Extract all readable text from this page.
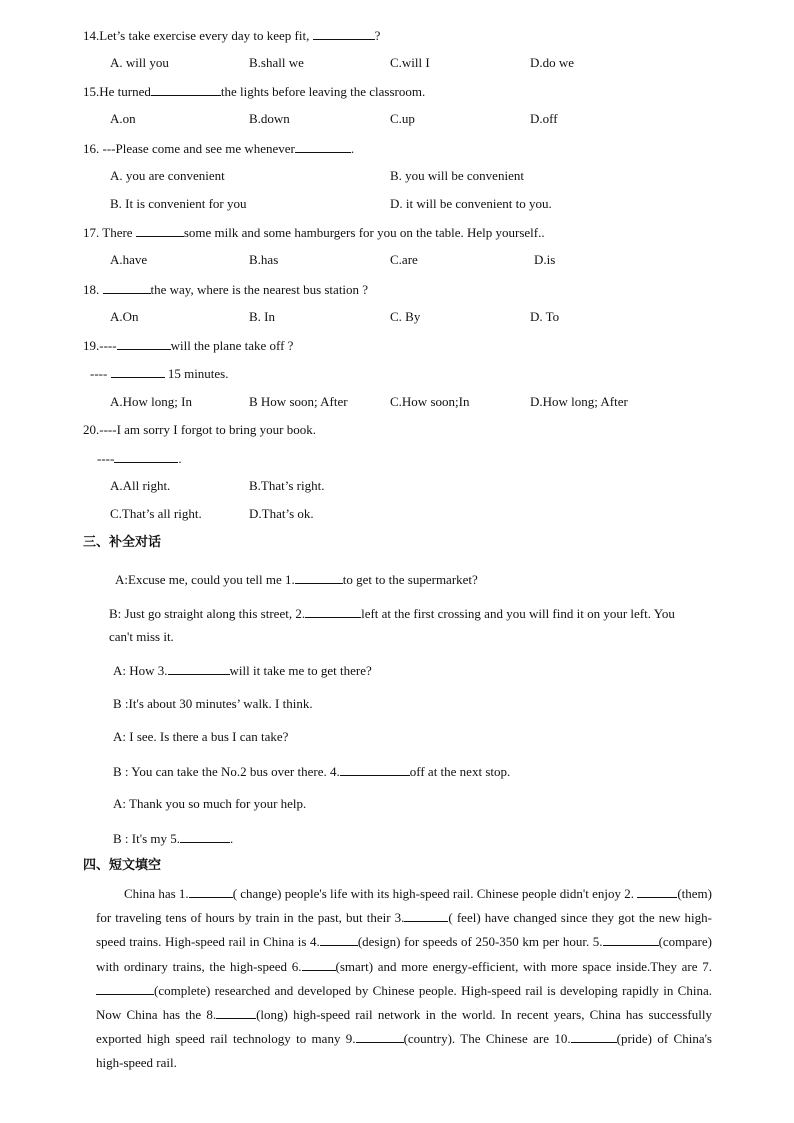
14.Let’s take exercise every day to keep fit,	?
A. will you	B.shall we	C.will I	D.do we
15.He turned	the lights before leaving the classroom.
A.on	B.down	C.up	D.off
16. ---Please come and see me whenever	.
A. you are convenient	B. you will be convenient
B. It is convenient for you	D. it will be convenient to you.
17. There	some milk and some hamburgers for you on the table. Help yourself..
A.have	B.has	C.are	D.is
18.	the way, where is the nearest bus station ?
A.On	B. In	C. By	D. To
19.----	will the plane take off ?
----	15 minutes.
A.How long; In	B How soon; After	C.How soon;In	D.How long; After
20.----I am sorry I forgot to bring your book.
----	.
A.All right.	B.That’s right.
C.That’s all right.	D.That’s ok.
三、补全对话
A:Excuse me, could you tell me 1.	to get to the supermarket?
B: Just go straight along this street, 2.	left at the first crossing and you will find it on your left. You
can't miss it.
A: How 3.	will it take me to get there?
B :It's about 30 minutes’ walk. I think.
A: I see. Is there a bus I can take?
B : You can take the No.2 bus over there. 4.	off at the next stop.
A: Thank you so much for your help.
B : It's my 5.	.
四、短文填空
China has 1.	( change) people's life with its high-speed rail. Chinese people didn't enjoy 2.	(them) for traveling tens of hours by train in the past, but their 3.	( feel) have changed since they got the new high-speed trains. High-speed rail in China is 4.	(design) for speeds of 250-350 km per hour. 5.	(compare) with ordinary trains, the high-speed 6.	(smart) and more energy-efficient, with more space inside.They are 7.(complete) researched and developed by Chinese people. High-speed rail is developing rapidly in China. Now China has the 8.	(long) high-speed rail network in the world. In recent years, China has successfully exported high speed rail technology to many 9.	(country). The Chinese are 10.	(pride) of China's high-speed rail.
